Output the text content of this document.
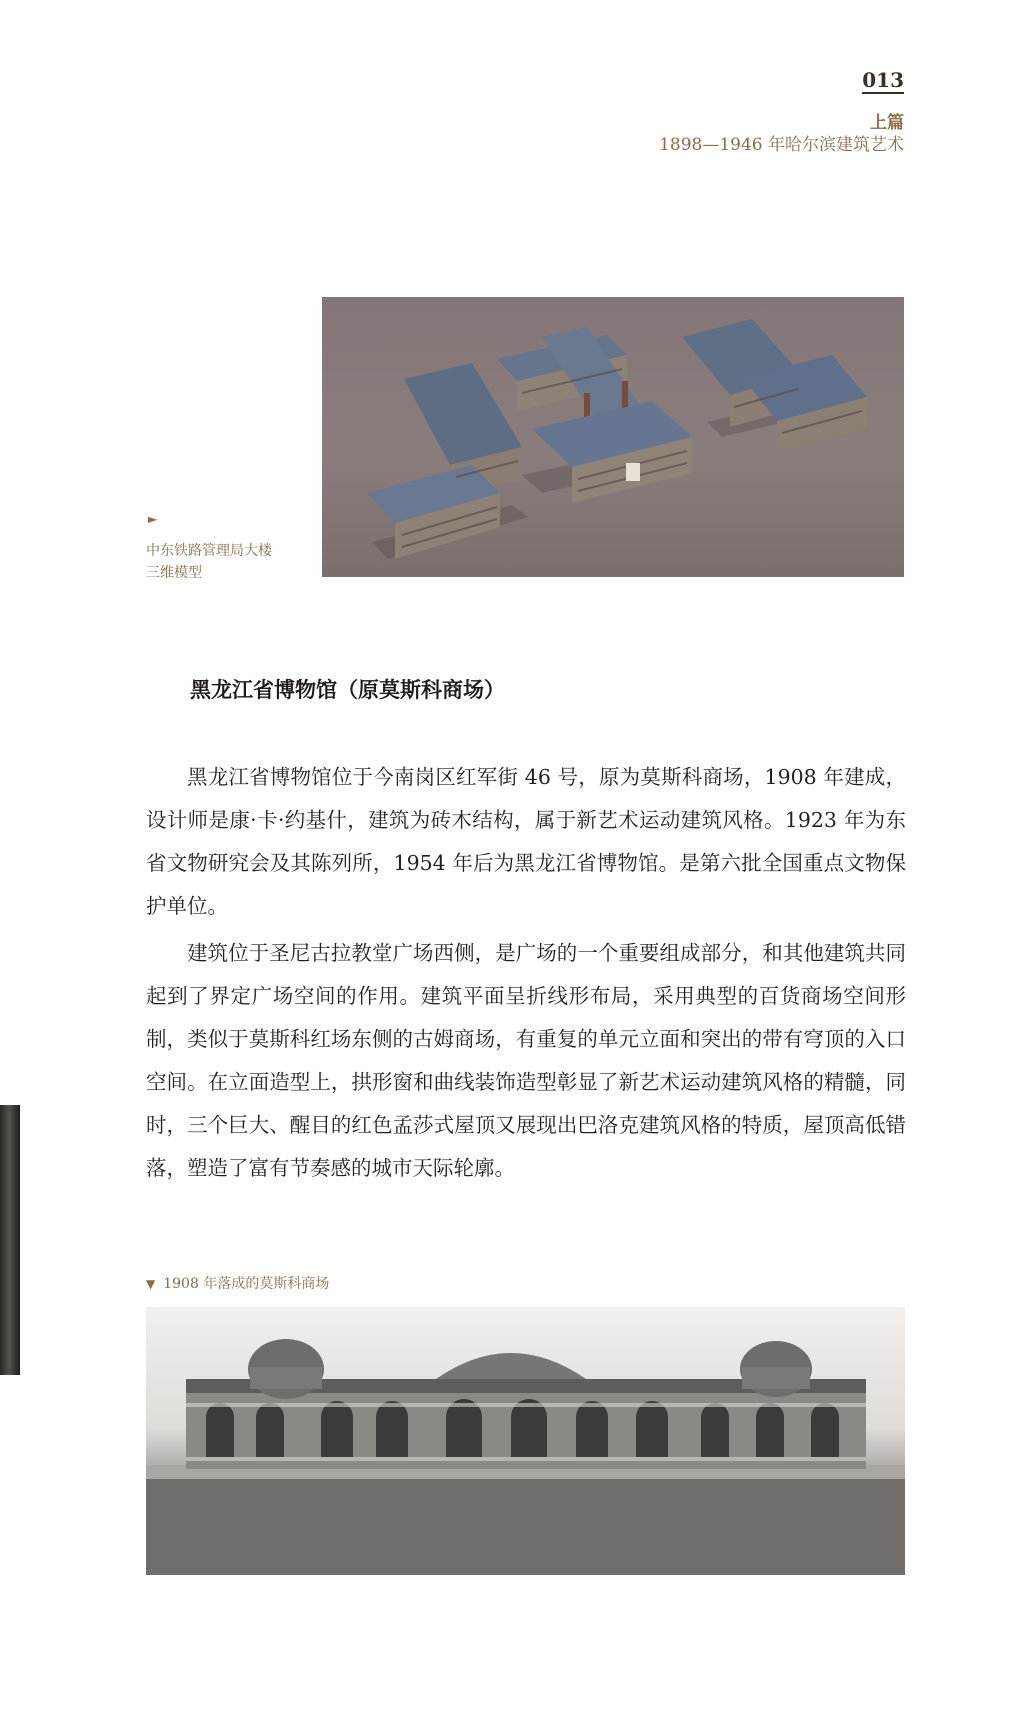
013
上篇
1898—1946 年哈尔滨建筑艺术
►
中东铁路管理局大楼
三维模型
黑龙江省博物馆（原莫斯科商场）

黑龙江省博物馆位于今南岗区红军街 46 号，原为莫斯科商场，1908 年建成，设计师是康·卡·约基什，建筑为砖木结构，属于新艺术运动建筑风格。1923 年为东省文物研究会及其陈列所，1954 年后为黑龙江省博物馆。是第六批全国重点文物保护单位。

建筑位于圣尼古拉教堂广场西侧，是广场的一个重要组成部分，和其他建筑共同起到了界定广场空间的作用。建筑平面呈折线形布局，采用典型的百货商场空间形制，类似于莫斯科红场东侧的古姆商场，有重复的单元立面和突出的带有穹顶的入口空间。在立面造型上，拱形窗和曲线装饰造型彰显了新艺术运动建筑风格的精髓，同时，三个巨大、醒目的红色孟莎式屋顶又展现出巴洛克建筑风格的特质，屋顶高低错落，塑造了富有节奏感的城市天际轮廓。

▼ 1908 年落成的莫斯科商场
